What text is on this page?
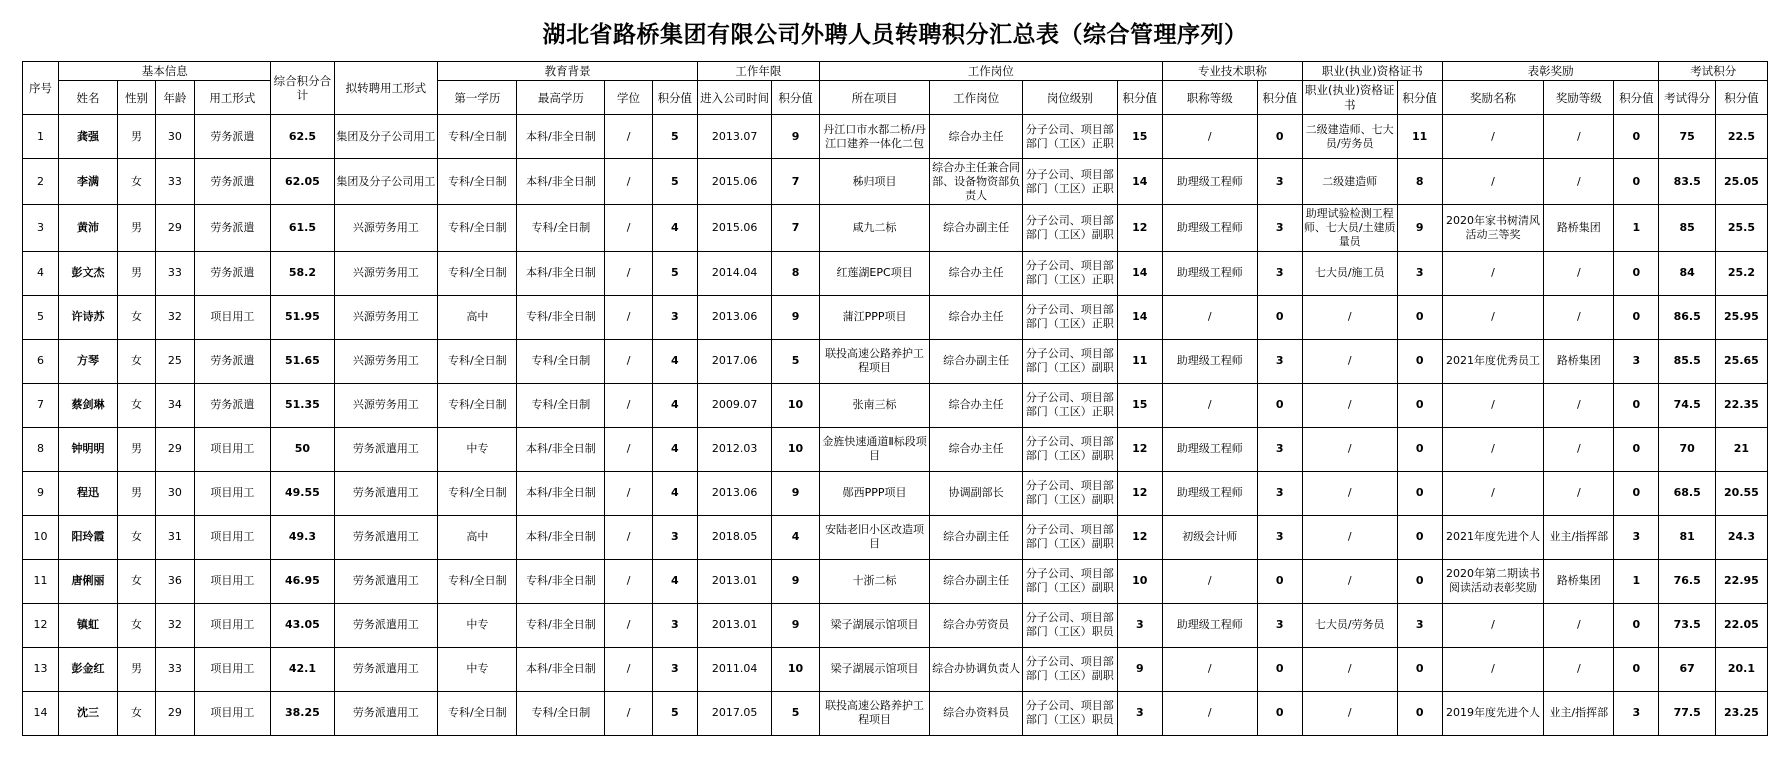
湖北省路桥集团有限公司外聘人员转聘积分汇总表（综合管理序列）
序号	基本信息				综合积分合计	拟转聘用工形式	教育背景				工作年限		工作岗位				专业技术职称		职业(执业)资格证书		表彰奖励			考试积分	
	姓名	性别	年龄	用工形式			第一学历	最高学历	学位	积分值	进入公司时间	积分值	所在项目	工作岗位	岗位级别	积分值	职称等级	积分值	职业(执业)资格证书	积分值	奖励名称	奖励等级	积分值	考试得分	积分值
1	龚强	男	30	劳务派遣	62.5	集团及分子公司用工	专科/全日制	本科/非全日制	/	5	2013.07	9	丹江口市水都二桥/丹江口建养一体化二包	综合办主任	分子公司、项目部部门（工区）正职	15	/	0	二级建造师、七大员/劳务员	11	/	/	0	75	22.5
2	李满	女	33	劳务派遣	62.05	集团及分子公司用工	专科/全日制	本科/非全日制	/	5	2015.06	7	秭归项目	综合办主任兼合同部、设备物资部负责人	分子公司、项目部部门（工区）正职	14	助理级工程师	3	二级建造师	8	/	/	0	83.5	25.05
3	黄沛	男	29	劳务派遣	61.5	兴源劳务用工	专科/全日制	专科/全日制	/	4	2015.06	7	咸九二标	综合办副主任	分子公司、项目部部门（工区）副职	12	助理级工程师	3	助理试验检测工程师、七大员/土建质量员	9	2020年家书树清风活动三等奖	路桥集团	1	85	25.5
4	彭文杰	男	33	劳务派遣	58.2	兴源劳务用工	专科/全日制	本科/非全日制	/	5	2014.04	8	红莲湖EPC项目	综合办主任	分子公司、项目部部门（工区）正职	14	助理级工程师	3	七大员/施工员	3	/	/	0	84	25.2
5	许诗苏	女	32	项目用工	51.95	兴源劳务用工	高中	专科/非全日制	/	3	2013.06	9	蒲江PPP项目	综合办主任	分子公司、项目部部门（工区）正职	14	/	0	/	0	/	/	0	86.5	25.95
6	方琴	女	25	劳务派遣	51.65	兴源劳务用工	专科/全日制	专科/全日制	/	4	2017.06	5	联投高速公路养护工程项目	综合办副主任	分子公司、项目部部门（工区）副职	11	助理级工程师	3	/	0	2021年度优秀员工	路桥集团	3	85.5	25.65
7	蔡剑琳	女	34	劳务派遣	51.35	兴源劳务用工	专科/全日制	专科/全日制	/	4	2009.07	10	张南三标	综合办主任	分子公司、项目部部门（工区）正职	15	/	0	/	0	/	/	0	74.5	22.35
8	钟明明	男	29	项目用工	50	劳务派遣用工	中专	本科/非全日制	/	4	2012.03	10	金旌快速通道Ⅱ标段项目	综合办主任	分子公司、项目部部门（工区）副职	12	助理级工程师	3	/	0	/	/	0	70	21
9	程迅	男	30	项目用工	49.55	劳务派遣用工	专科/全日制	本科/非全日制	/	4	2013.06	9	郧西PPP项目	协调副部长	分子公司、项目部部门（工区）副职	12	助理级工程师	3	/	0	/	/	0	68.5	20.55
10	阳玲霞	女	31	项目用工	49.3	劳务派遣用工	高中	本科/非全日制	/	3	2018.05	4	安陆老旧小区改造项目	综合办副主任	分子公司、项目部部门（工区）副职	12	初级会计师	3	/	0	2021年度先进个人	业主/指挥部	3	81	24.3
11	唐俐丽	女	36	项目用工	46.95	劳务派遣用工	专科/全日制	专科/非全日制	/	4	2013.01	9	十浙二标	综合办副主任	分子公司、项目部部门（工区）副职	10	/	0	/	0	2020年第二期读书阅读活动表彰奖励	路桥集团	1	76.5	22.95
12	镇虹	女	32	项目用工	43.05	劳务派遣用工	中专	专科/非全日制	/	3	2013.01	9	梁子湖展示馆项目	综合办劳资员	分子公司、项目部部门（工区）职员	3	助理级工程师	3	七大员/劳务员	3	/	/	0	73.5	22.05
13	彭金红	男	33	项目用工	42.1	劳务派遣用工	中专	本科/非全日制	/	3	2011.04	10	梁子湖展示馆项目	综合办协调负责人	分子公司、项目部部门（工区）副职	9	/	0	/	0	/	/	0	67	20.1
14	沈三	女	29	项目用工	38.25	劳务派遣用工	专科/全日制	专科/全日制	/	5	2017.05	5	联投高速公路养护工程项目	综合办资料员	分子公司、项目部部门（工区）职员	3	/	0	/	0	2019年度先进个人	业主/指挥部	3	77.5	23.25
